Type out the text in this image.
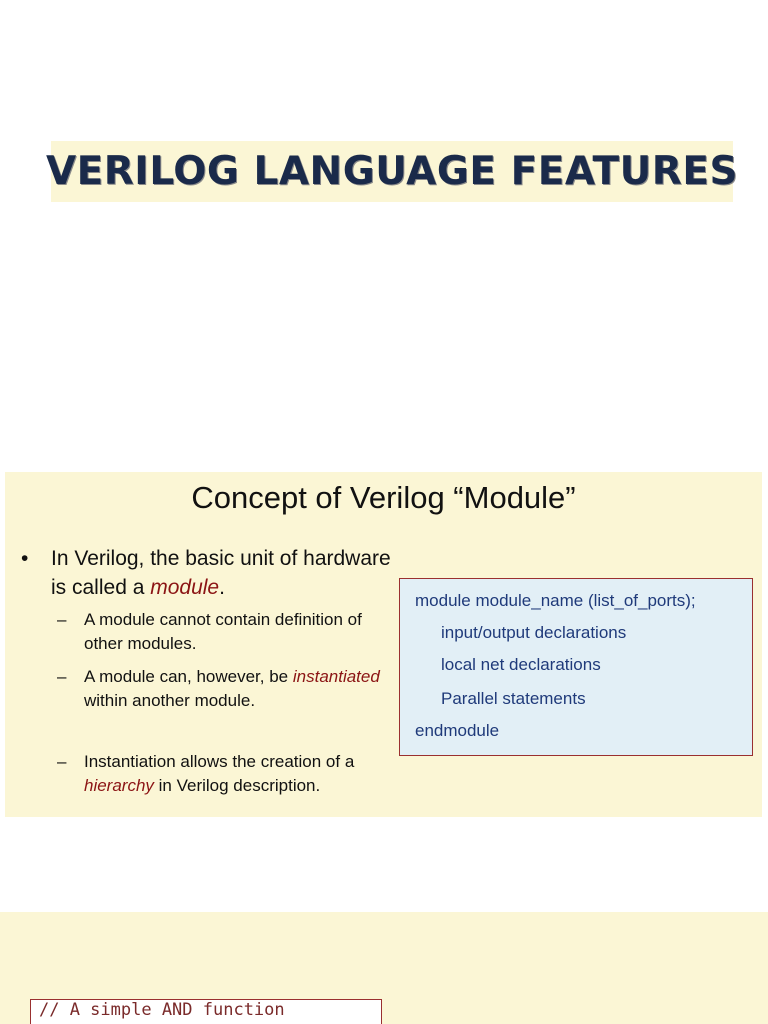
VERILOG LANGUAGE FEATURES
Concept of Verilog “Module”
• In Verilog, the basic unit of hardware is called a module.
– A module cannot contain definition of other modules.
– A module can, however, be instantiated within another module.
– Instantiation allows the creation of a hierarchy in Verilog description.
module module_name (list_of_ports);
input/output declarations
local net declarations
Parallel statements
endmodule
// A simple AND function
